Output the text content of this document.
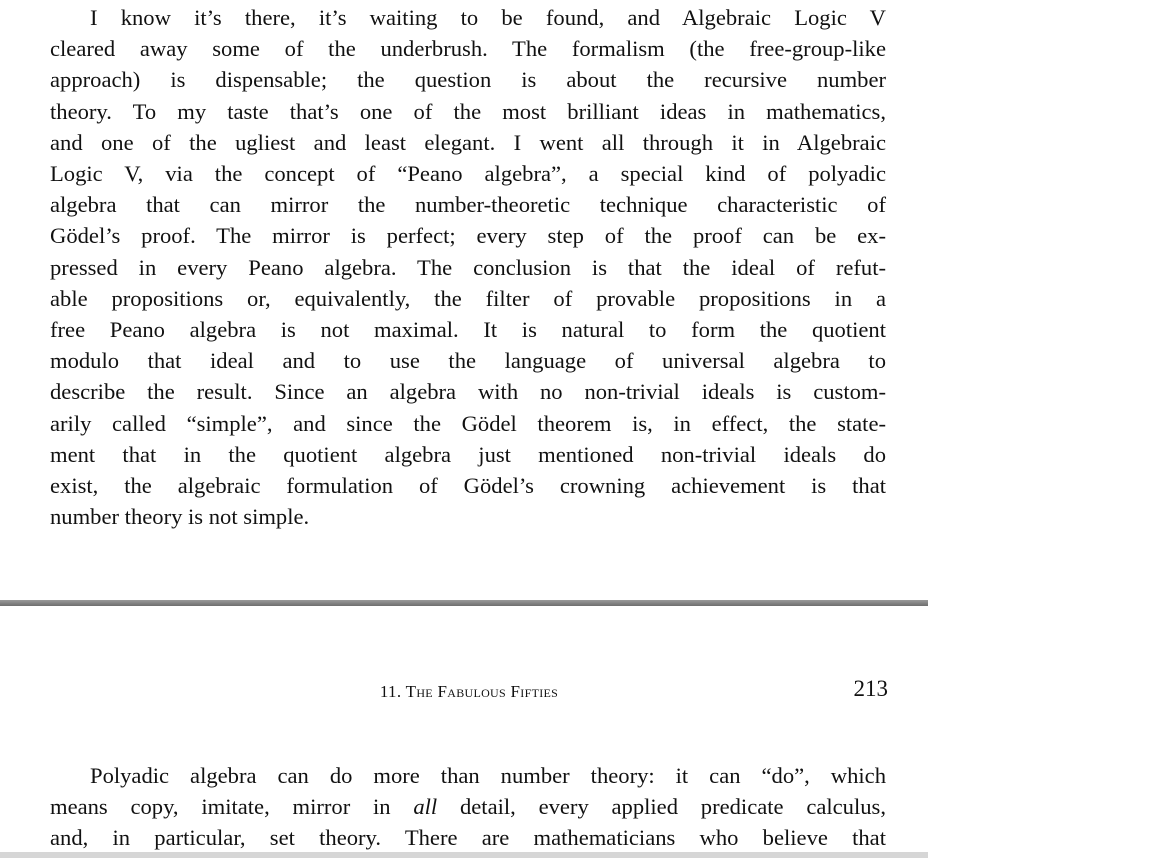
I know it’s there, it’s waiting to be found, and Algebraic Logic V
cleared away some of the underbrush. The formalism (the free-group-like
approach) is dispensable; the question is about the recursive number
theory. To my taste that’s one of the most brilliant ideas in mathematics,
and one of the ugliest and least elegant. I went all through it in Algebraic
Logic V, via the concept of “Peano algebra”, a special kind of polyadic
algebra that can mirror the number-theoretic technique characteristic of
Gödel’s proof. The mirror is perfect; every step of the proof can be ex-
pressed in every Peano algebra. The conclusion is that the ideal of refut-
able propositions or, equivalently, the filter of provable propositions in a
free Peano algebra is not maximal. It is natural to form the quotient
modulo that ideal and to use the language of universal algebra to
describe the result. Since an algebra with no non-trivial ideals is custom-
arily called “simple”, and since the Gödel theorem is, in effect, the state-
ment that in the quotient algebra just mentioned non-trivial ideals do
exist, the algebraic formulation of Gödel’s crowning achievement is that
number theory is not simple.
11. The Fabulous Fifties	213
Polyadic algebra can do more than number theory: it can “do”, which
means copy, imitate, mirror in all detail, every applied predicate calculus,
and, in particular, set theory. There are mathematicians who believe that
